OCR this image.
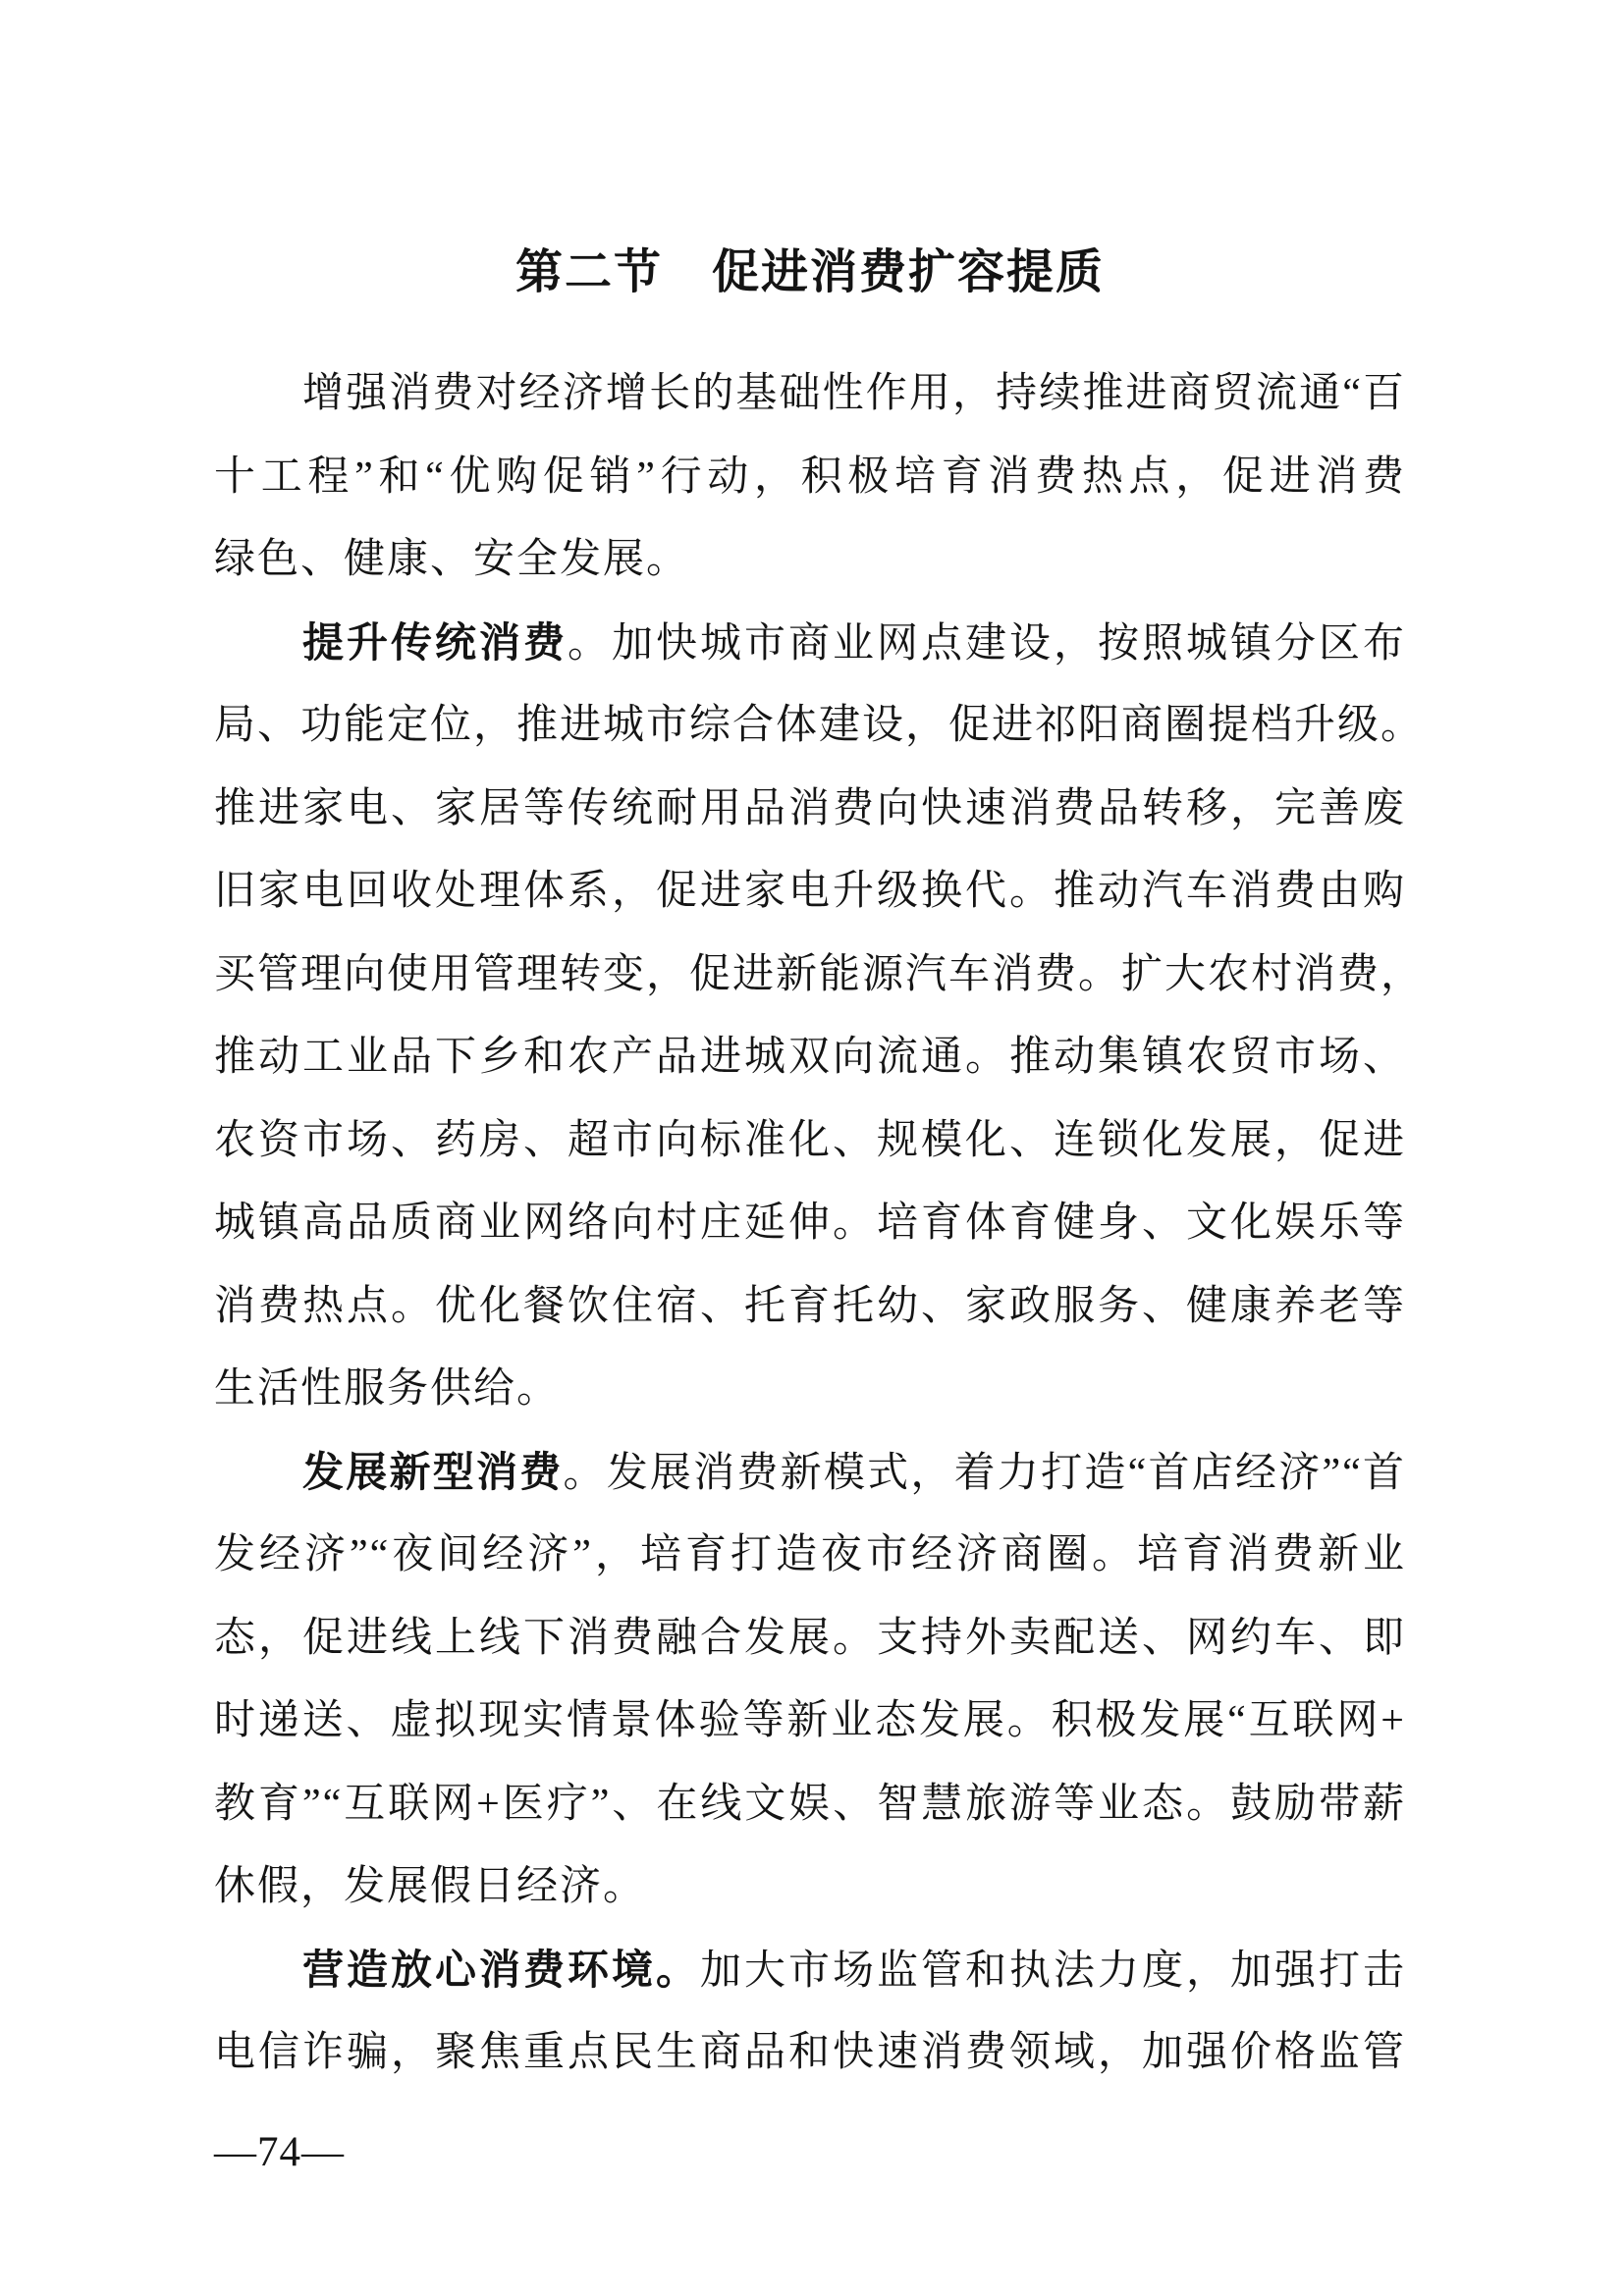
第二节　促进消费扩容提质
增强消费对经济增长的基础性作用，持续推进商贸流通“百
十工程”和“优购促销”行动，积极培育消费热点，促进消费
绿色、健康、安全发展。
提升传统消费。加快城市商业网点建设，按照城镇分区布
局、功能定位，推进城市综合体建设，促进祁阳商圈提档升级。
推进家电、家居等传统耐用品消费向快速消费品转移，完善废
旧家电回收处理体系，促进家电升级换代。推动汽车消费由购
买管理向使用管理转变，促进新能源汽车消费。扩大农村消费，
推动工业品下乡和农产品进城双向流通。推动集镇农贸市场、
农资市场、药房、超市向标准化、规模化、连锁化发展，促进
城镇高品质商业网络向村庄延伸。培育体育健身、文化娱乐等
消费热点。优化餐饮住宿、托育托幼、家政服务、健康养老等
生活性服务供给。
发展新型消费。发展消费新模式，着力打造“首店经济”“首
发经济”“夜间经济”，培育打造夜市经济商圈。培育消费新业
态，促进线上线下消费融合发展。支持外卖配送、网约车、即
时递送、虚拟现实情景体验等新业态发展。积极发展“互联网+
教育”“互联网+医疗”、在线文娱、智慧旅游等业态。鼓励带薪
休假，发展假日经济。
营造放心消费环境。加大市场监管和执法力度，加强打击
电信诈骗，聚焦重点民生商品和快速消费领域，加强价格监管
—74—
